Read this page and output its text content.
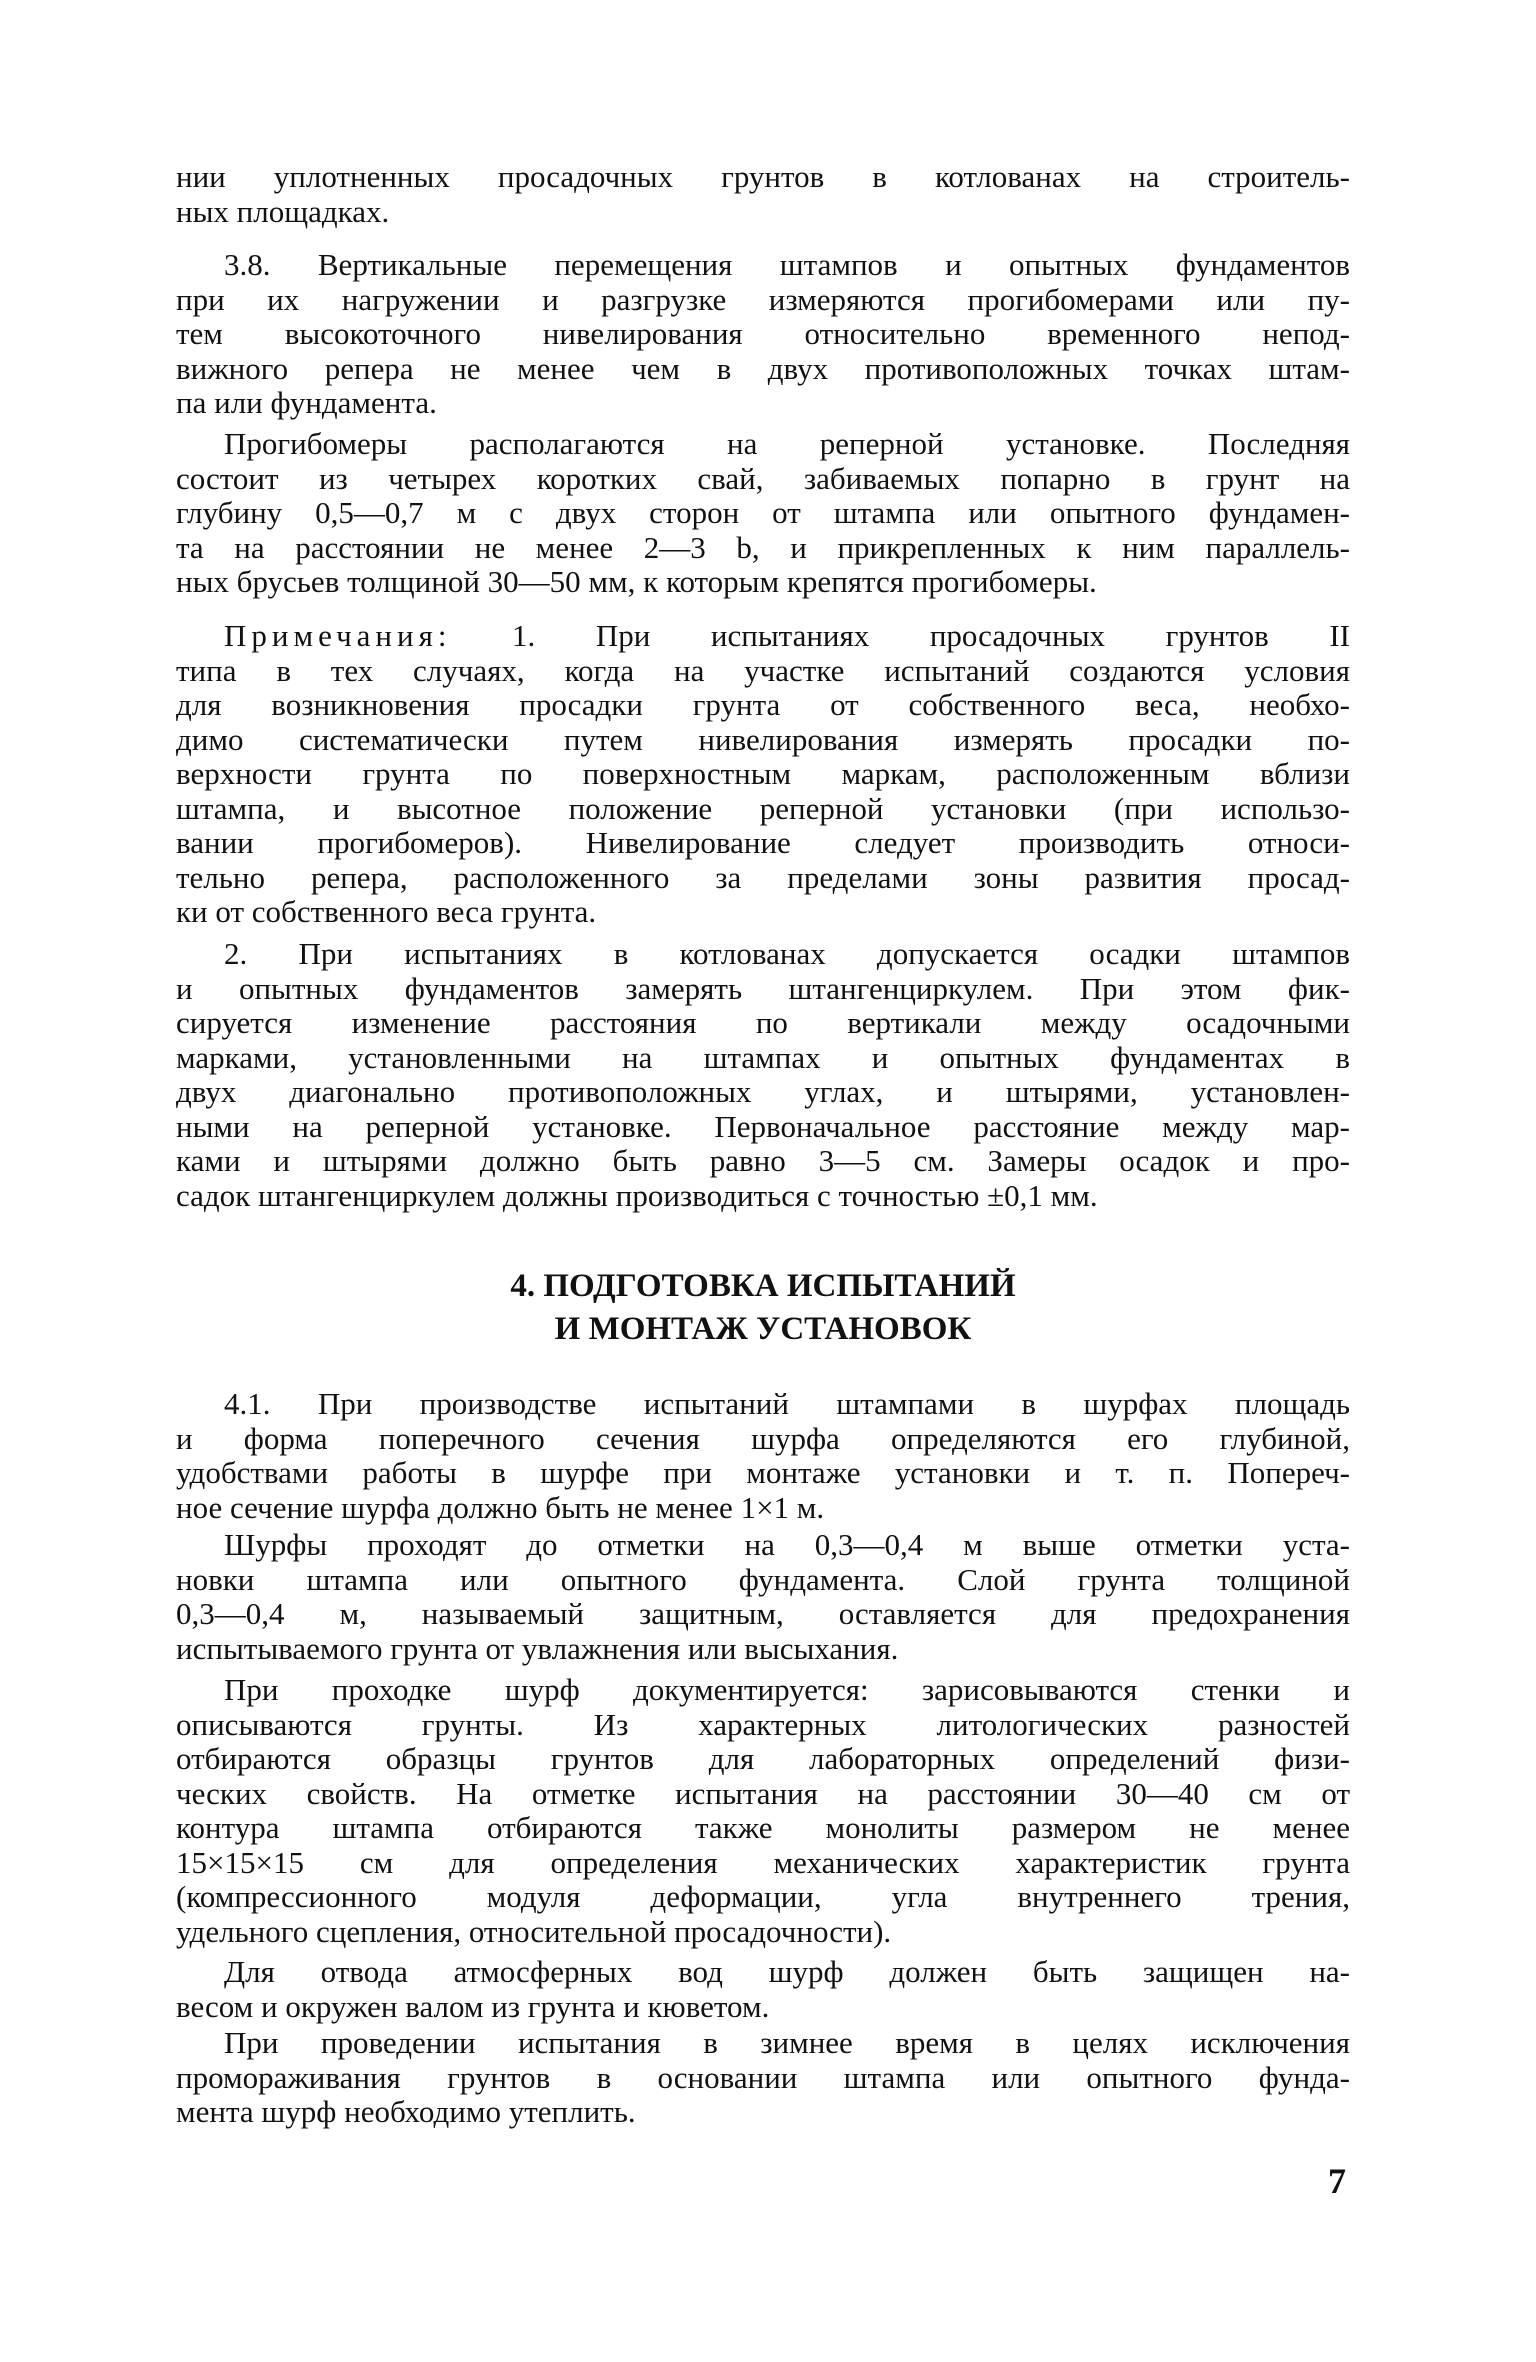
нии уплотненных просадочных грунтов в котлованах на строитель-
ных площадках.
3.8. Вертикальные перемещения штампов и опытных фундаментов
при их нагружении и разгрузке измеряются прогибомерами или пу-
тем высокоточного нивелирования относительно временного непод-
вижного репера не менее чем в двух противоположных точках штам-
па или фундамента.
Прогибомеры располагаются на реперной установке. Последняя
состоит из четырех коротких свай, забиваемых попарно в грунт на
глубину 0,5—0,7 м с двух сторон от штампа или опытного фундамен-
та на расстоянии не менее 2—3 b, и прикрепленных к ним параллель-
ных брусьев толщиной 30—50 мм, к которым крепятся прогибомеры.
Примечания: 1. При испытаниях просадочных грунтов II
типа в тех случаях, когда на участке испытаний создаются условия
для возникновения просадки грунта от собственного веса, необхо-
димо систематически путем нивелирования измерять просадки по-
верхности грунта по поверхностным маркам, расположенным вблизи
штампа, и высотное положение реперной установки (при использо-
вании прогибомеров). Нивелирование следует производить относи-
тельно репера, расположенного за пределами зоны развития просад-
ки от собственного веса грунта.
2. При испытаниях в котлованах допускается осадки штампов
и опытных фундаментов замерять штангенциркулем. При этом фик-
сируется изменение расстояния по вертикали между осадочными
марками, установленными на штампах и опытных фундаментах в
двух диагонально противоположных углах, и штырями, установлен-
ными на реперной установке. Первоначальное расстояние между мар-
ками и штырями должно быть равно 3—5 см. Замеры осадок и про-
садок штангенциркулем должны производиться с точностью ±0,1 мм.
4.1. При производстве испытаний штампами в шурфах площадь
и форма поперечного сечения шурфа определяются его глубиной,
удобствами работы в шурфе при монтаже установки и т. п. Попереч-
ное сечение шурфа должно быть не менее 1×1 м.
Шурфы проходят до отметки на 0,3—0,4 м выше отметки уста-
новки штампа или опытного фундамента. Слой грунта толщиной
0,3—0,4 м, называемый защитным, оставляется для предохранения
испытываемого грунта от увлажнения или высыхания.
При проходке шурф документируется: зарисовываются стенки и
описываются грунты. Из характерных литологических разностей
отбираются образцы грунтов для лабораторных определений физи-
ческих свойств. На отметке испытания на расстоянии 30—40 см от
контура штампа отбираются также монолиты размером не менее
15×15×15 см для определения механических характеристик грунта
(компрессионного модуля деформации, угла внутреннего трения,
удельного сцепления, относительной просадочности).
Для отвода атмосферных вод шурф должен быть защищен на-
весом и окружен валом из грунта и кюветом.
При проведении испытания в зимнее время в целях исключения
промораживания грунтов в основании штампа или опытного фунда-
мента шурф необходимо утеплить.
4. ПОДГОТОВКА ИСПЫТАНИЙ
И МОНТАЖ УСТАНОВОК
7
